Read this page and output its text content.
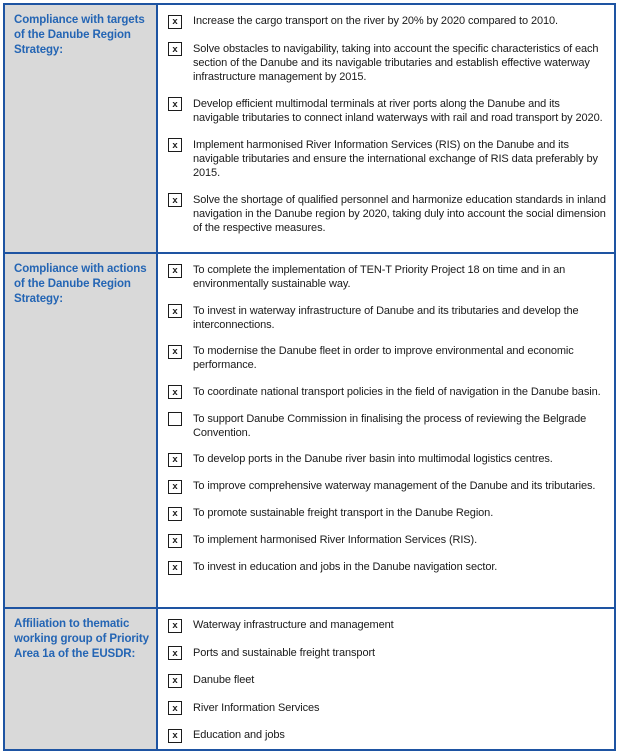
Compliance with targets of the Danube Region Strategy:
x	Increase the cargo transport on the river by 20% by 2020 compared to 2010.
x	Solve obstacles to navigability, taking into account the specific characteristics of each section of the Danube and its navigable tributaries and establish effective waterway infrastructure management by 2015.
x	Develop efficient multimodal terminals at river ports along the Danube and its navigable tributaries to connect inland waterways with rail and road transport by 2020.
x	Implement harmonised River Information Services (RIS) on the Danube and its navigable tributaries and ensure the international exchange of RIS data preferably by 2015.
x	Solve the shortage of qualified personnel and harmonize education standards in inland navigation in the Danube region by 2020, taking duly into account the social dimension of the respective measures.
Compliance with actions of the Danube Region Strategy:
x	To complete the implementation of TEN-T Priority Project 18 on time and in an environmentally sustainable way.
x	To invest in waterway infrastructure of Danube and its tributaries and develop the interconnections.
x	To modernise the Danube fleet in order to improve environmental and economic performance.
x	To coordinate national transport policies in the field of navigation in the Danube basin.
To support Danube Commission in finalising the process of reviewing the Belgrade Convention.
x	To develop ports in the Danube river basin into multimodal logistics centres.
x	To improve comprehensive waterway management of the Danube and its tributaries.
x	To promote sustainable freight transport in the Danube Region.
x	To implement harmonised River Information Services (RIS).
x	To invest in education and jobs in the Danube navigation sector.
Affiliation to thematic working group of Priority Area 1a of the EUSDR:
x	Waterway infrastructure and management
x	Ports and sustainable freight transport
x	Danube fleet
x	River Information Services
x	Education and jobs
